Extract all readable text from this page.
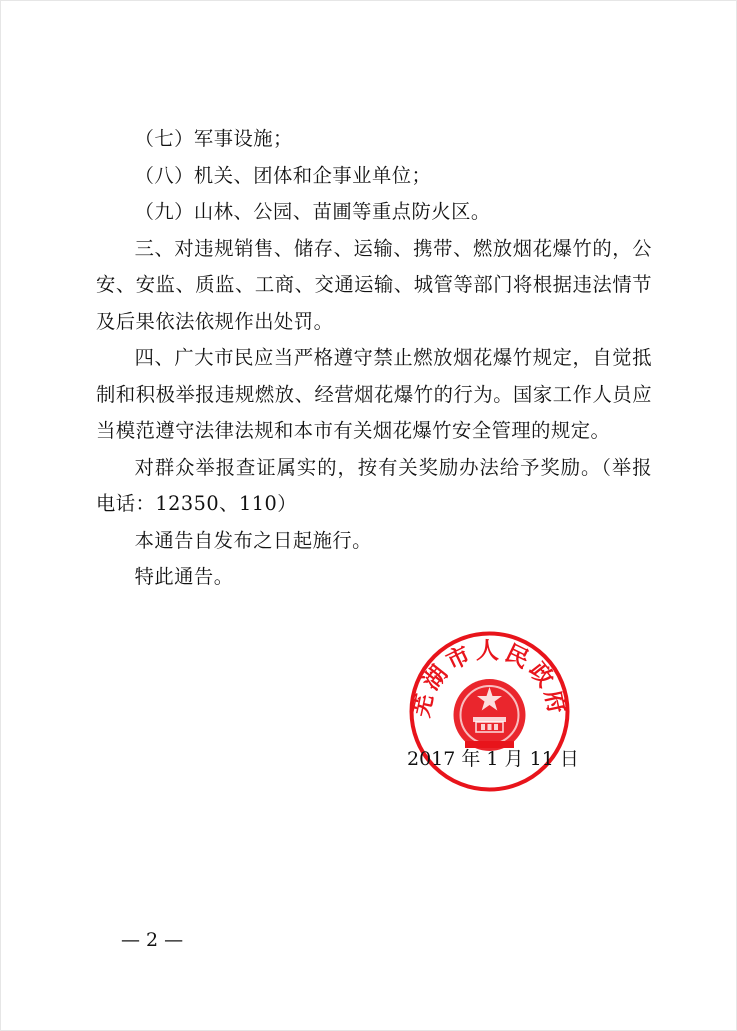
（七）军事设施；

（八）机关、团体和企事业单位；

（九）山林、公园、苗圃等重点防火区。

三、对违规销售、储存、运输、携带、燃放烟花爆竹的，公安、安监、质监、工商、交通运输、城管等部门将根据违法情节及后果依法依规作出处罚。

四、广大市民应当严格遵守禁止燃放烟花爆竹规定，自觉抵制和积极举报违规燃放、经营烟花爆竹的行为。国家工作人员应当模范遵守法律法规和本市有关烟花爆竹安全管理的规定。

对群众举报查证属实的，按有关奖励办法给予奖励。（举报电话：12350、110）

本通告自发布之日起施行。

特此通告。

芜湖市人民政府
2017 年 1 月 11 日
— 2 —
